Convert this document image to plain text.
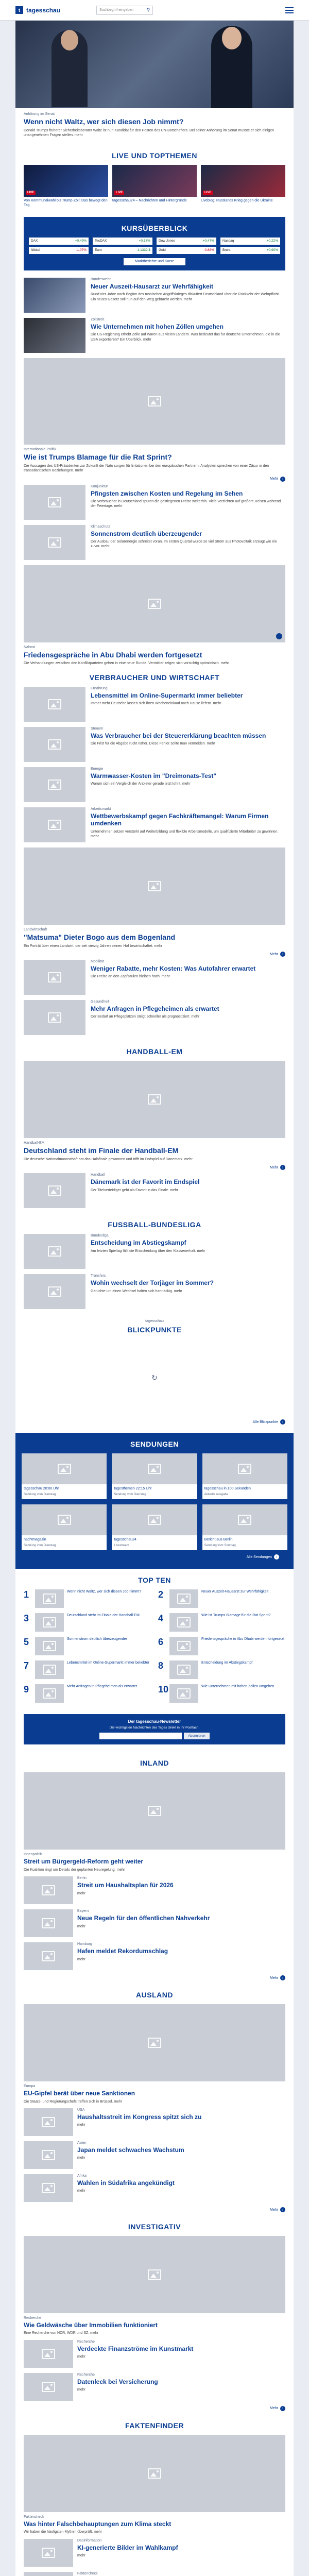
t	tagesschau	Suchbegriff eingeben	⚲
Anhörung im Senat
Wenn nicht Waltz, wer sich diesen Job nimmt?
Donald Trumps früherer Sicherheitsberater Waltz ist nun Kandidat für den Posten des UN-Botschafters. Bei seiner Anhörung im Senat musste er sich einigen unangenehmen Fragen stellen. mehr
LIVE UND TOPTHEMEN
LIVE
Von Kommunalwahl bis Trump-Zoll: Das bewegt den Tag
LIVE
tagesschau24 – Nachrichten und Hintergründe
LIVE
Liveblog: Russlands Krieg gegen die Ukraine
KURSÜBERBLICK
DAX	+0,49% TecDAX	+0,17% Dow Jones	+0,47% Nasdaq	+0,22%
Nikkei	-1,07% Euro	1,1332 $ Gold	-0,88% Brent	+0,90%
Marktberichte und Kurse
Bundeswehr
Neuer Auszeit-Hausarzt zur Wehrfähigkeit
Rund vier Jahre nach Beginn des russischen Angriffskrieges diskutiert Deutschland über die Rückkehr der Wehrpflicht. Ein neues Gesetz soll nun auf den Weg gebracht werden. mehr
Zollstreit
Wie Unternehmen mit hohen Zöllen umgehen
Die US-Regierung erhebt Zölle auf Waren aus vielen Ländern. Was bedeutet das für deutsche Unternehmen, die in die USA exportieren? Ein Überblick. mehr
Internationale Politik
Wie ist Trumps Blamage für die Rat Sprint?
Die Aussagen des US-Präsidenten zur Zukunft der Nato sorgen für Irritationen bei den europäischen Partnern. Analysten sprechen von einer Zäsur in den transatlantischen Beziehungen. mehr
Mehr	›
Konjunktur
Pfingsten zwischen Kosten und Regelung im Sehen
Die Verbraucher in Deutschland spüren die gestiegenen Preise weiterhin. Viele verzichten auf größere Reisen während der Feiertage. mehr
Klimaschutz
Sonnenstrom deutlich überzeugender
Der Ausbau der Solarenergie schreitet voran. Im ersten Quartal wurde so viel Strom aus Photovoltaik erzeugt wie nie zuvor. mehr
Nahost
Friedensgespräche in Abu Dhabi werden fortgesetzt
Die Verhandlungen zwischen den Konfliktparteien gehen in eine neue Runde. Vermittler zeigen sich vorsichtig optimistisch. mehr
VERBRAUCHER UND WIRTSCHAFT
Ernährung
Lebensmittel im Online-Supermarkt immer beliebter
Immer mehr Deutsche lassen sich ihren Wocheneinkauf nach Hause liefern. mehr
Steuern
Was Verbraucher bei der Steuererklärung beachten müssen
Die Frist für die Abgabe rückt näher. Diese Fehler sollte man vermeiden. mehr
Energie
Warmwasser-Kosten im "Dreimonats-Test"
Warum sich ein Vergleich der Anbieter gerade jetzt lohnt. mehr
Arbeitsmarkt
Wettbewerbskampf gegen Fachkräftemangel: Warum Firmen umdenken
Unternehmen setzen verstärkt auf Weiterbildung und flexible Arbeitsmodelle, um qualifizierte Mitarbeiter zu gewinnen. mehr
Landwirtschaft
"Matsuma" Dieter Bogo aus dem Bogenland
Ein Porträt über einen Landwirt, der seit vierzig Jahren seinen Hof bewirtschaftet. mehr
Mehr	›
Mobilität
Weniger Rabatte, mehr Kosten: Was Autofahrer erwartet
Die Preise an den Zapfsäulen bleiben hoch. mehr
Gesundheit
Mehr Anfragen in Pflegeheimen als erwartet
Der Bedarf an Pflegeplätzen steigt schneller als prognostiziert. mehr
HANDBALL-EM
Handball-EM
Deutschland steht im Finale der Handball-EM
Die deutsche Nationalmannschaft hat das Halbfinale gewonnen und trifft im Endspiel auf Dänemark. mehr
Mehr	›
Handball
Dänemark ist der Favorit im Endspiel
Der Titelverteidiger geht als Favorit in das Finale. mehr
FUSSBALL-BUNDESLIGA
Bundesliga
Entscheidung im Abstiegskampf
Am letzten Spieltag fällt die Entscheidung über den Klassenerhalt. mehr
Transfers
Wohin wechselt der Torjäger im Sommer?
Gerüchte um einen Wechsel halten sich hartnäckig. mehr
tagesschau
BLICKPUNKTE
↻
Alle Blickpunkte	›
SENDUNGEN
tagesschau 20:00 Uhr
Sendung vom Dienstag
tagesthemen 22:15 Uhr
Sendung vom Dienstag
tagesschau in 100 Sekunden
Aktuelle Ausgabe
nachtmagazin
Sendung vom Dienstag
tagesschau24
Livestream
Bericht aus Berlin
Sendung vom Sonntag
Alle Sendungen	›
TOP TEN
1	Wenn nicht Waltz, wer sich diesen Job nimmt? 2	Neuer Auszeit-Hausarzt zur Wehrfähigkeit
3	Deutschland steht im Finale der Handball-EM 4	Wie ist Trumps Blamage für die Rat Sprint?
5	Sonnenstrom deutlich überzeugender	6	Friedensgespräche in Abu Dhabi werden fortgesetzt
7	Lebensmittel im Online-Supermarkt immer beliebter 8	Entscheidung im Abstiegskampf
9	Mehr Anfragen in Pflegeheimen als erwartet 10	Wie Unternehmen mit hohen Zöllen umgehen
Der tagesschau-Newsletter
Die wichtigsten Nachrichten des Tages direkt in Ihr Postfach.
Abonnieren
INLAND
Innenpolitik
Streit um Bürgergeld-Reform geht weiter
Die Koalition ringt um Details der geplanten Neuregelung. mehr
Berlin
Streit um Haushaltsplan für 2026
mehr
Bayern
Neue Regeln für den öffentlichen Nahverkehr
mehr
Hamburg
Hafen meldet Rekordumschlag
mehr
Mehr	›
AUSLAND
Europa
EU-Gipfel berät über neue Sanktionen
Die Staats- und Regierungschefs treffen sich in Brüssel. mehr
USA
Haushaltsstreit im Kongress spitzt sich zu
mehr
Asien
Japan meldet schwaches Wachstum
mehr
Afrika
Wahlen in Südafrika angekündigt
mehr
Mehr	›
INVESTIGATIV
Recherche
Wie Geldwäsche über Immobilien funktioniert
Eine Recherche von NDR, WDR und SZ. mehr
Recherche
Verdeckte Finanzströme im Kunstmarkt
mehr
Recherche
Datenleck bei Versicherung
mehr
Mehr	›
FAKTENFINDER
Faktencheck
Was hinter Falschbehauptungen zum Klima steckt
Wir haben die häufigsten Mythen überprüft. mehr
Desinformation
KI-generierte Bilder im Wahlkampf
mehr
Faktencheck
